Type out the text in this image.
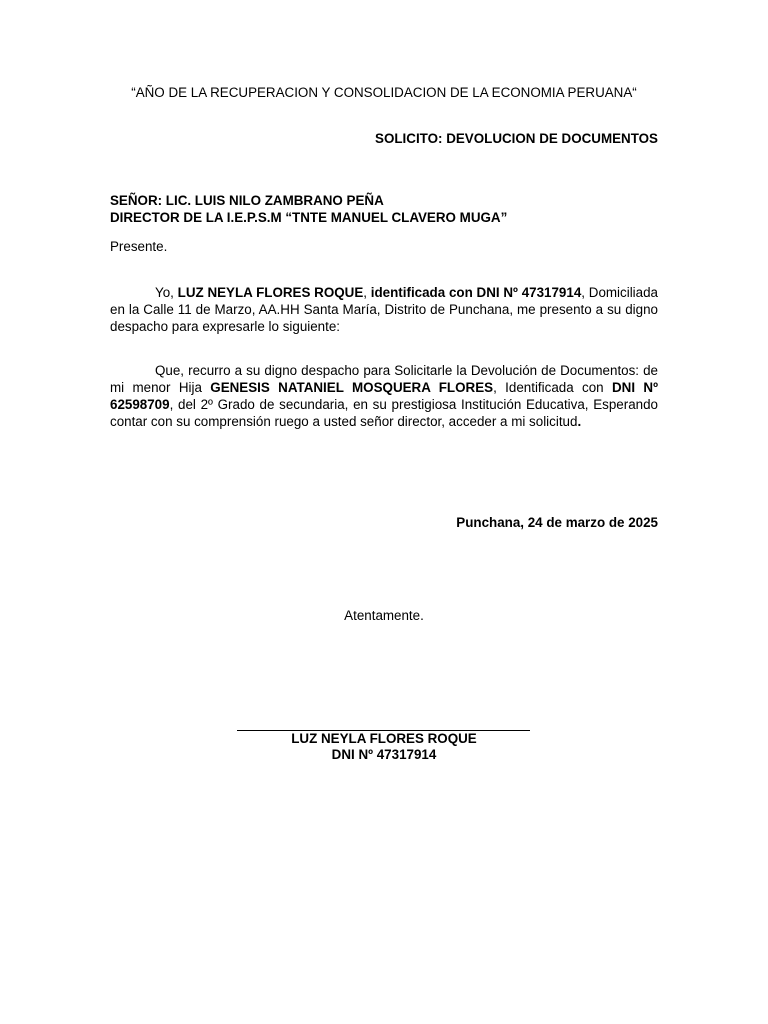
“AÑO DE LA RECUPERACION Y CONSOLIDACION DE LA ECONOMIA PERUANA“
SOLICITO: DEVOLUCION DE DOCUMENTOS
SEÑOR: LIC. LUIS NILO ZAMBRANO PEÑA
DIRECTOR DE LA I.E.P.S.M “TNTE MANUEL CLAVERO MUGA”
Presente.
Yo, LUZ NEYLA FLORES ROQUE, identificada con DNI Nº 47317914, Domiciliada en la Calle 11 de Marzo, AA.HH Santa María, Distrito de Punchana, me presento a su digno despacho para expresarle lo siguiente:
Que, recurro a su digno despacho para Solicitarle la Devolución de Documentos: de mi menor Hija GENESIS NATANIEL MOSQUERA FLORES, Identificada con DNI Nº 62598709, del 2º Grado de secundaria, en su prestigiosa Institución Educativa, Esperando contar con su comprensión ruego a usted señor director, acceder a mi solicitud.
Punchana, 24 de marzo de 2025
Atentamente.
LUZ NEYLA FLORES ROQUE
DNI Nº 47317914
